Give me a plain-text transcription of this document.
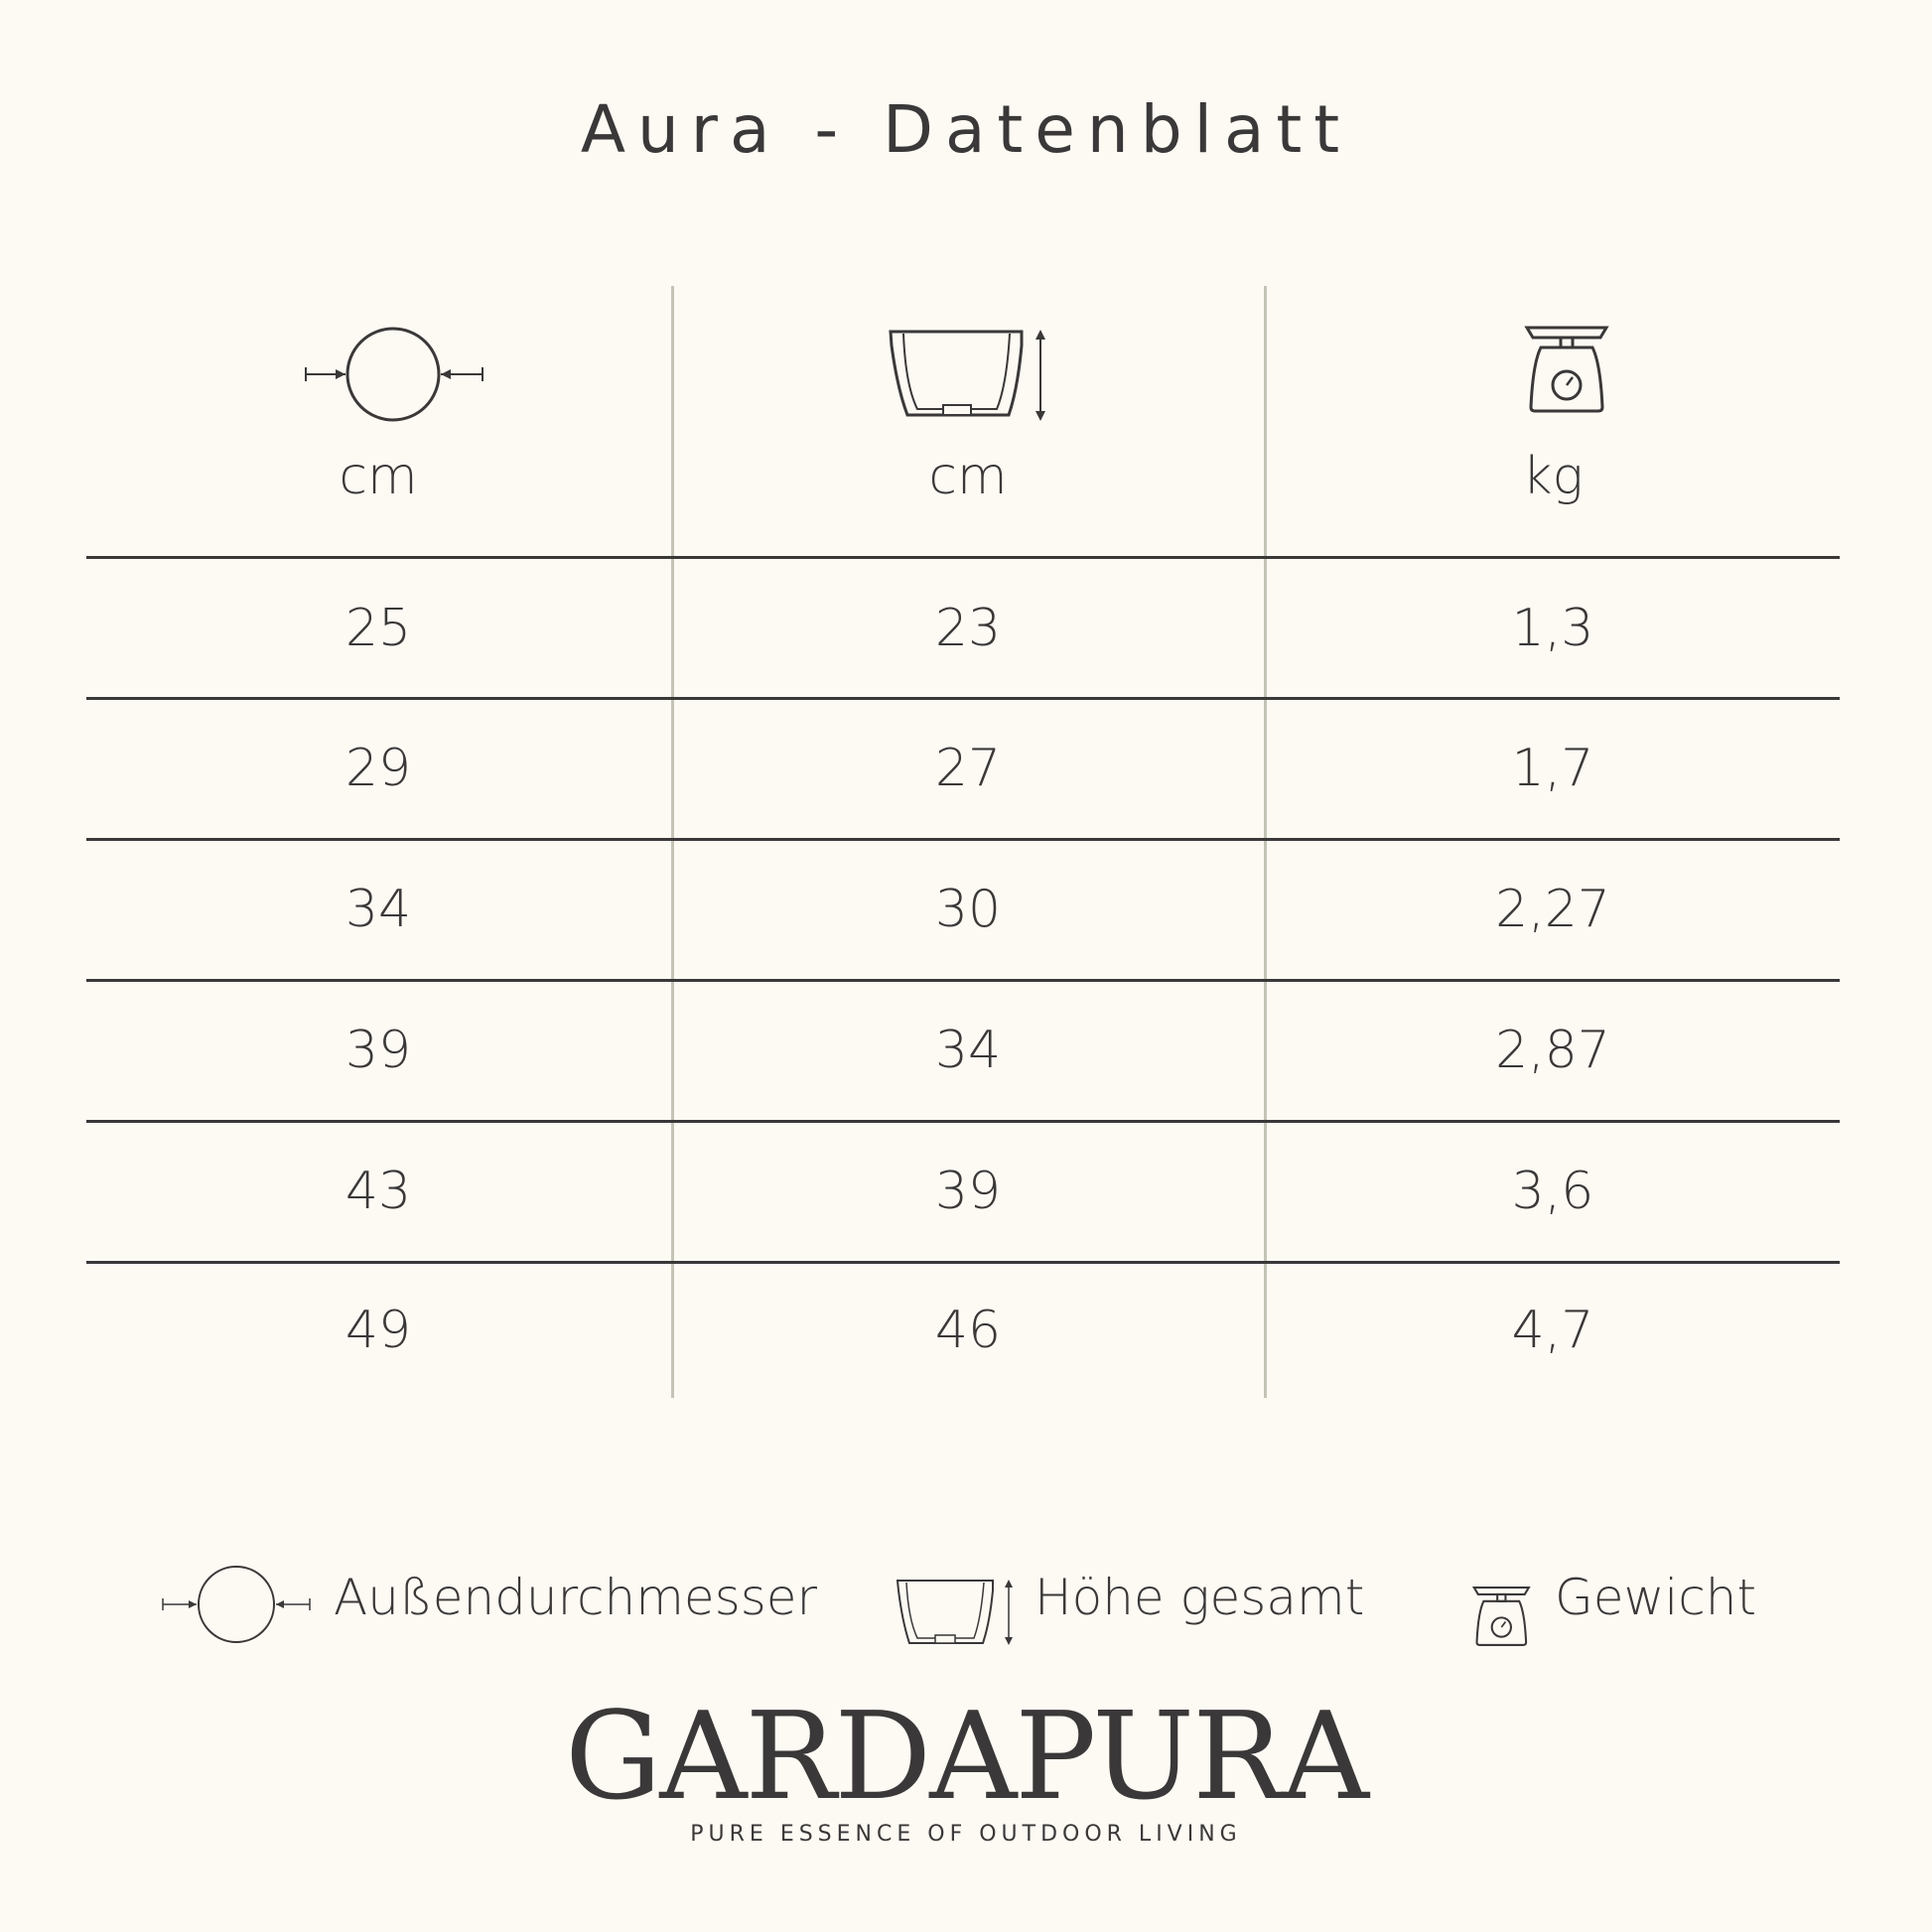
Aura - Datenblatt
cm	cm	kg
25	23	1,3
29	27	1,7
34	30	2,27
39	34	2,87
43	39	3,6
49	46	4,7
Außendurchmesser	Höhe gesamt	Gewicht
GARDAPURA
PURE ESSENCE OF OUTDOOR LIVING
